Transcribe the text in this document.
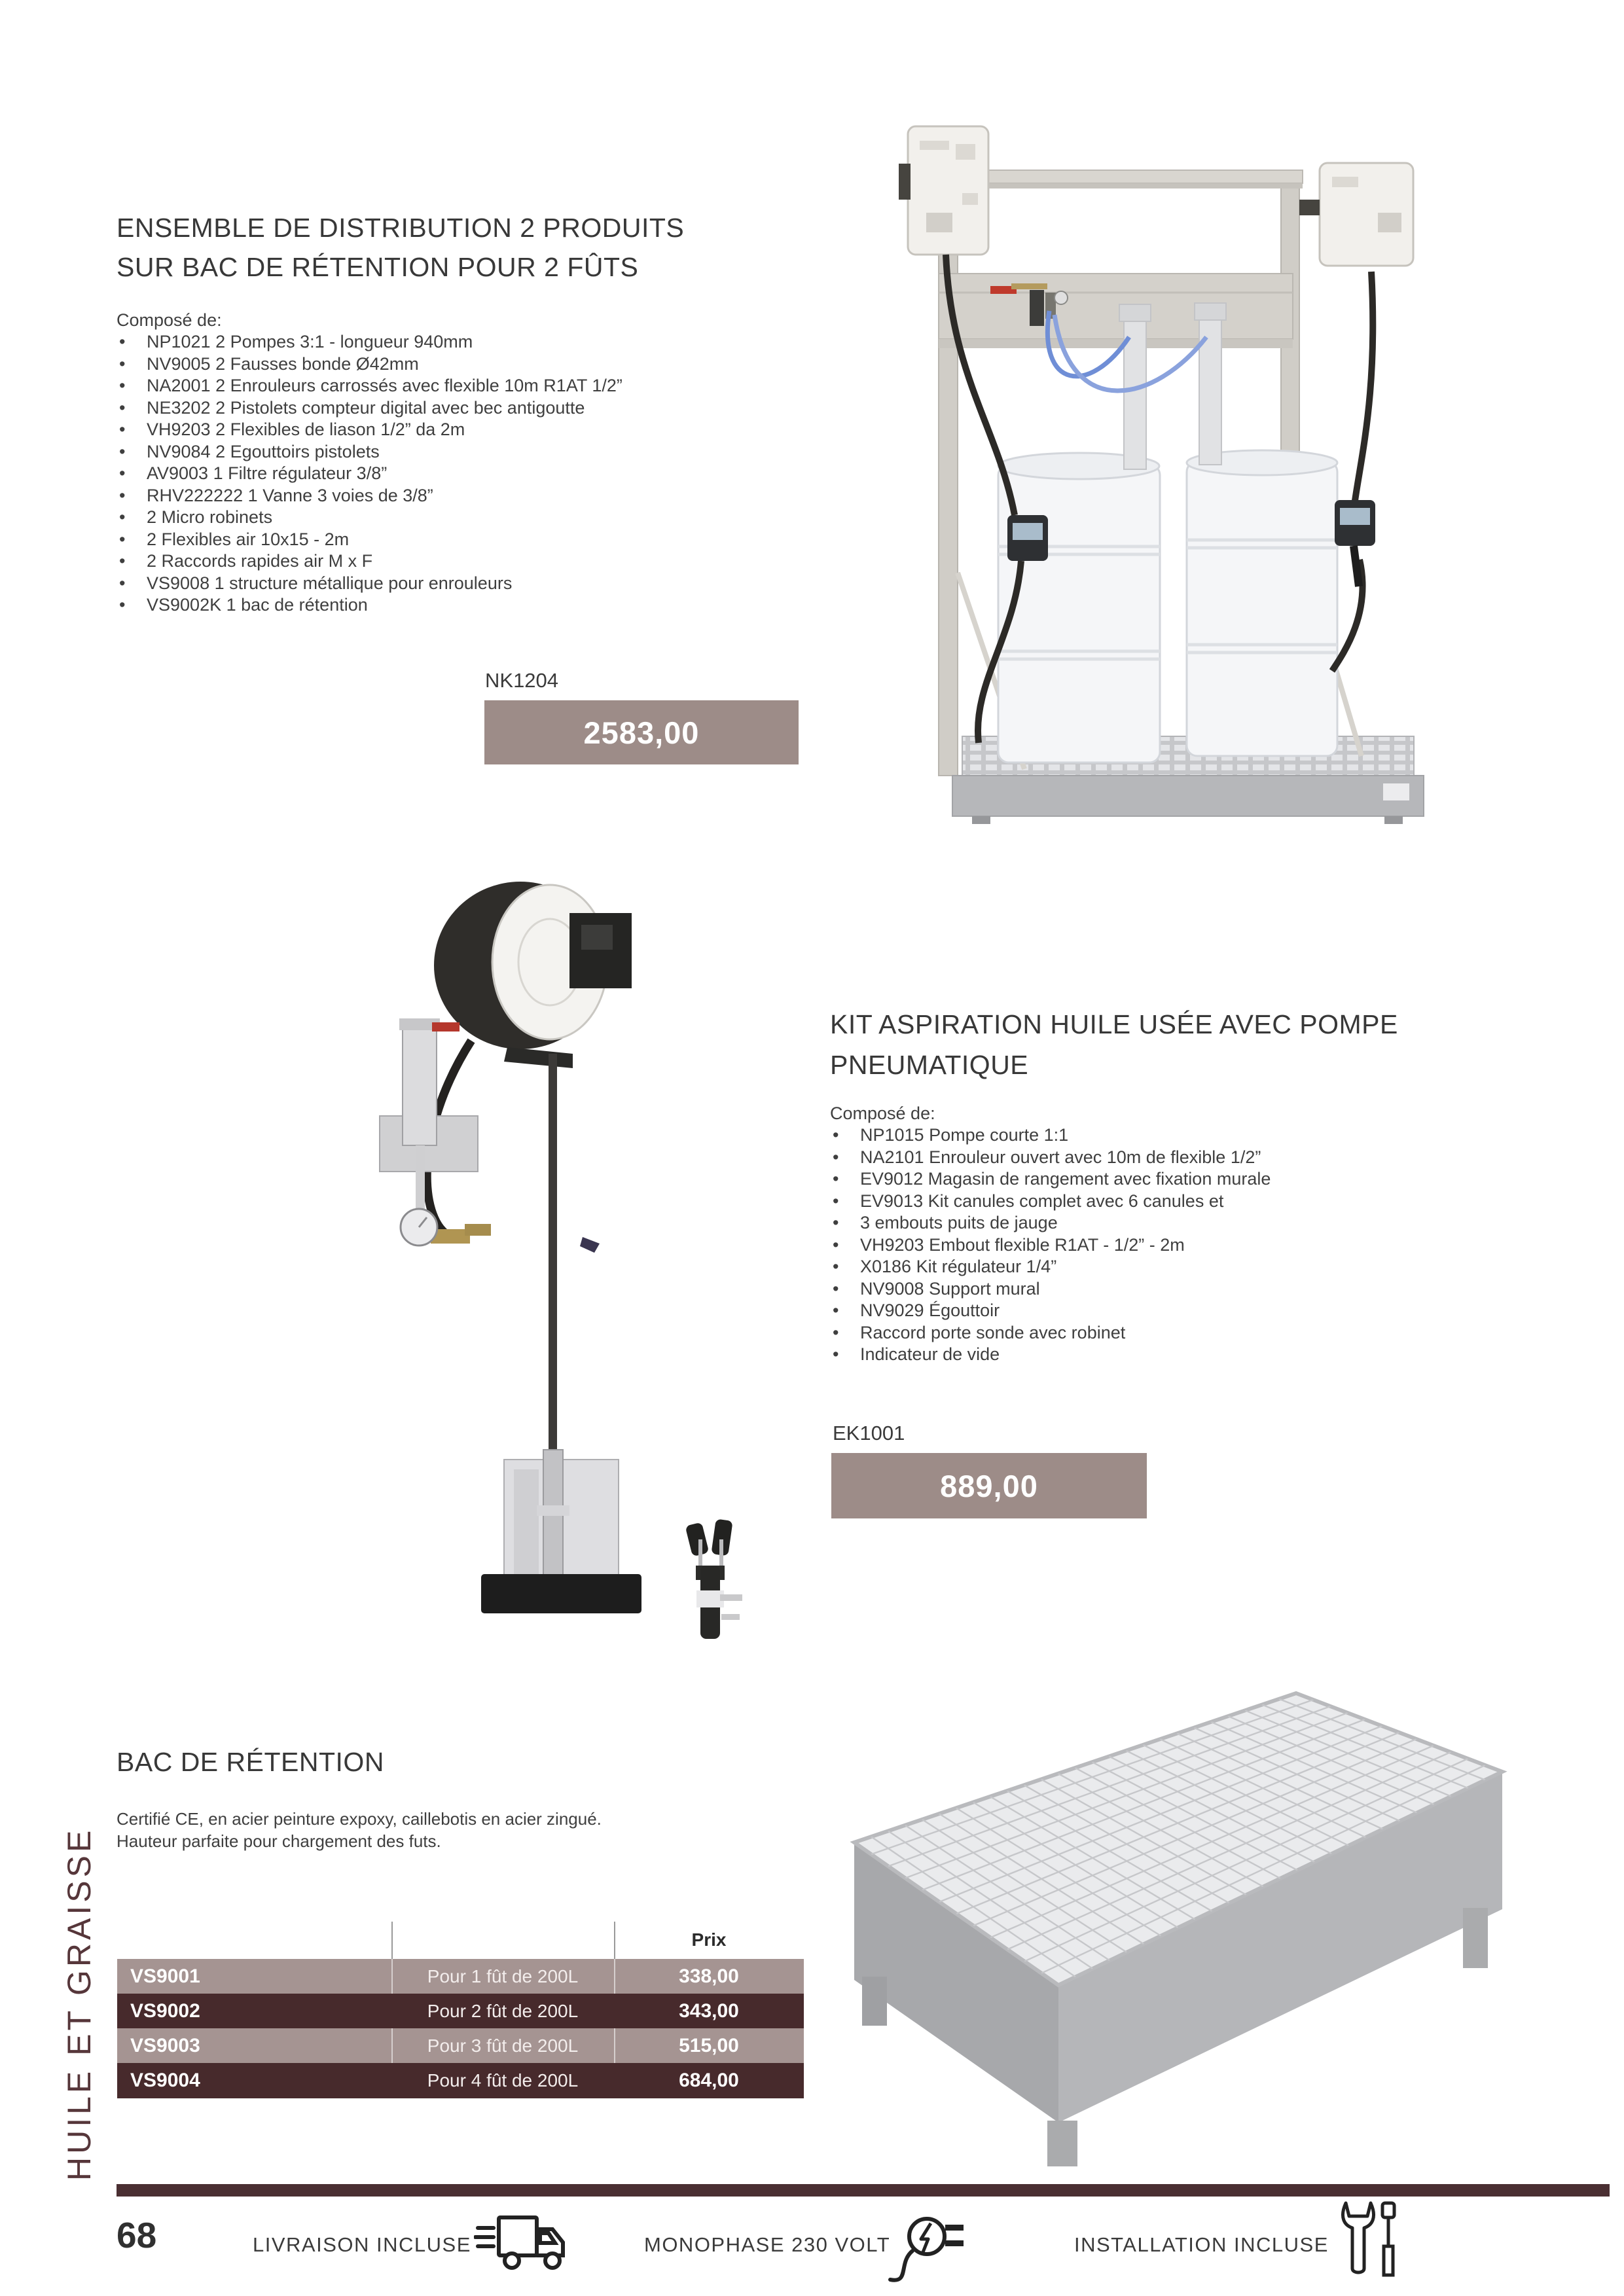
ENSEMBLE DE DISTRIBUTION 2 PRODUITS
SUR BAC DE RÉTENTION POUR 2 FÛTS
Composé de:
• NP1021 2 Pompes 3:1 - longueur 940mm
• NV9005 2 Fausses bonde Ø42mm
• NA2001 2 Enrouleurs carrossés avec flexible 10m R1AT 1/2”
• NE3202 2 Pistolets compteur digital avec bec antigoutte
• VH9203 2 Flexibles de liason 1/2” da 2m
• NV9084 2 Egouttoirs pistolets
• AV9003 1 Filtre régulateur 3/8”
• RHV222222 1 Vanne 3 voies de 3/8”
• 2 Micro robinets
• 2 Flexibles air 10x15 - 2m
• 2 Raccords rapides air M x F
• VS9008 1 structure métallique pour enrouleurs
• VS9002K 1 bac de rétention
NK1204
2583,00
KIT ASPIRATION HUILE USÉE AVEC POMPE
PNEUMATIQUE
Composé de:
• NP1015 Pompe courte 1:1
• NA2101 Enrouleur ouvert avec 10m de flexible 1/2”
• EV9012 Magasin de rangement avec fixation murale
• EV9013 Kit canules complet avec 6 canules et
• 3 embouts puits de jauge
• VH9203 Embout flexible R1AT - 1/2” - 2m
• X0186 Kit régulateur 1/4”
• NV9008 Support mural
• NV9029 Égouttoir
• Raccord porte sonde avec robinet
• Indicateur de vide
EK1001
889,00
BAC DE RÉTENTION
Certifié CE, en acier peinture expoxy, caillebotis en acier zingué.
Hauteur parfaite pour chargement des futs.
Prix
VS9001	Pour 1 fût de 200L	338,00
VS9002	Pour 2 fût de 200L	343,00
VS9003	Pour 3 fût de 200L	515,00
VS9004	Pour 4 fût de 200L	684,00
HUILE ET GRAISSE
68	LIVRAISON INCLUSE	MONOPHASE 230 VOLT	INSTALLATION INCLUSE
